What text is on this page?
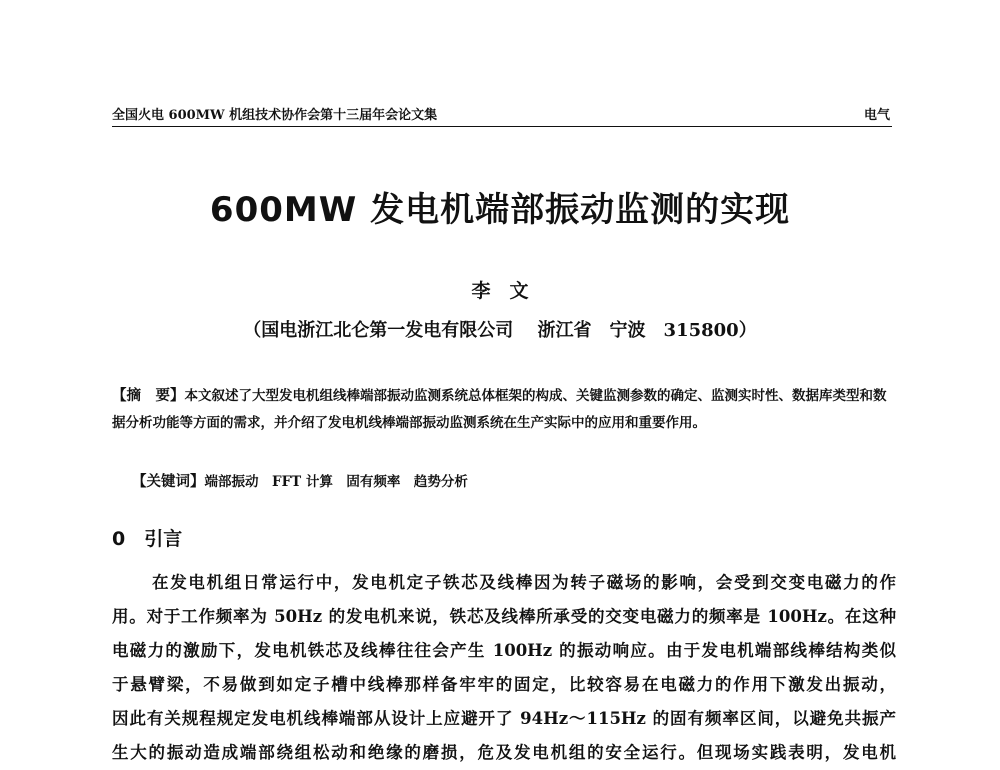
全国火电 600MW 机组技术协作会第十三届年会论文集	电气
600MW 发电机端部振动监测的实现
李　文
（国电浙江北仑第一发电有限公司　 浙江省　宁波　315800）

【摘　要】本文叙述了大型发电机组线棒端部振动监测系统总体框架的构成、关键监测参数的确定、监测实时性、数据库类型和数据分析功能等方面的需求，并介绍了发电机线棒端部振动监测系统在生产实际中的应用和重要作用。

【关键词】端部振动　FFT 计算　固有频率　趋势分析
0　引言
在发电机组日常运行中，发电机定子铁芯及线棒因为转子磁场的影响，会受到交变电磁力的作
用。对于工作频率为 50Hz 的发电机来说，铁芯及线棒所承受的交变电磁力的频率是 100Hz。在这种
电磁力的激励下，发电机铁芯及线棒往往会产生 100Hz 的振动响应。由于发电机端部线棒结构类似
于悬臂梁，不易做到如定子槽中线棒那样备牢牢的固定，比较容易在电磁力的作用下激发出振动，
因此有关规程规定发电机线棒端部从设计上应避开了 94Hz～115Hz 的固有频率区间，以避免共振产
生大的振动造成端部绕组松动和绝缘的磨损，危及发电机组的安全运行。但现场实践表明，发电机
